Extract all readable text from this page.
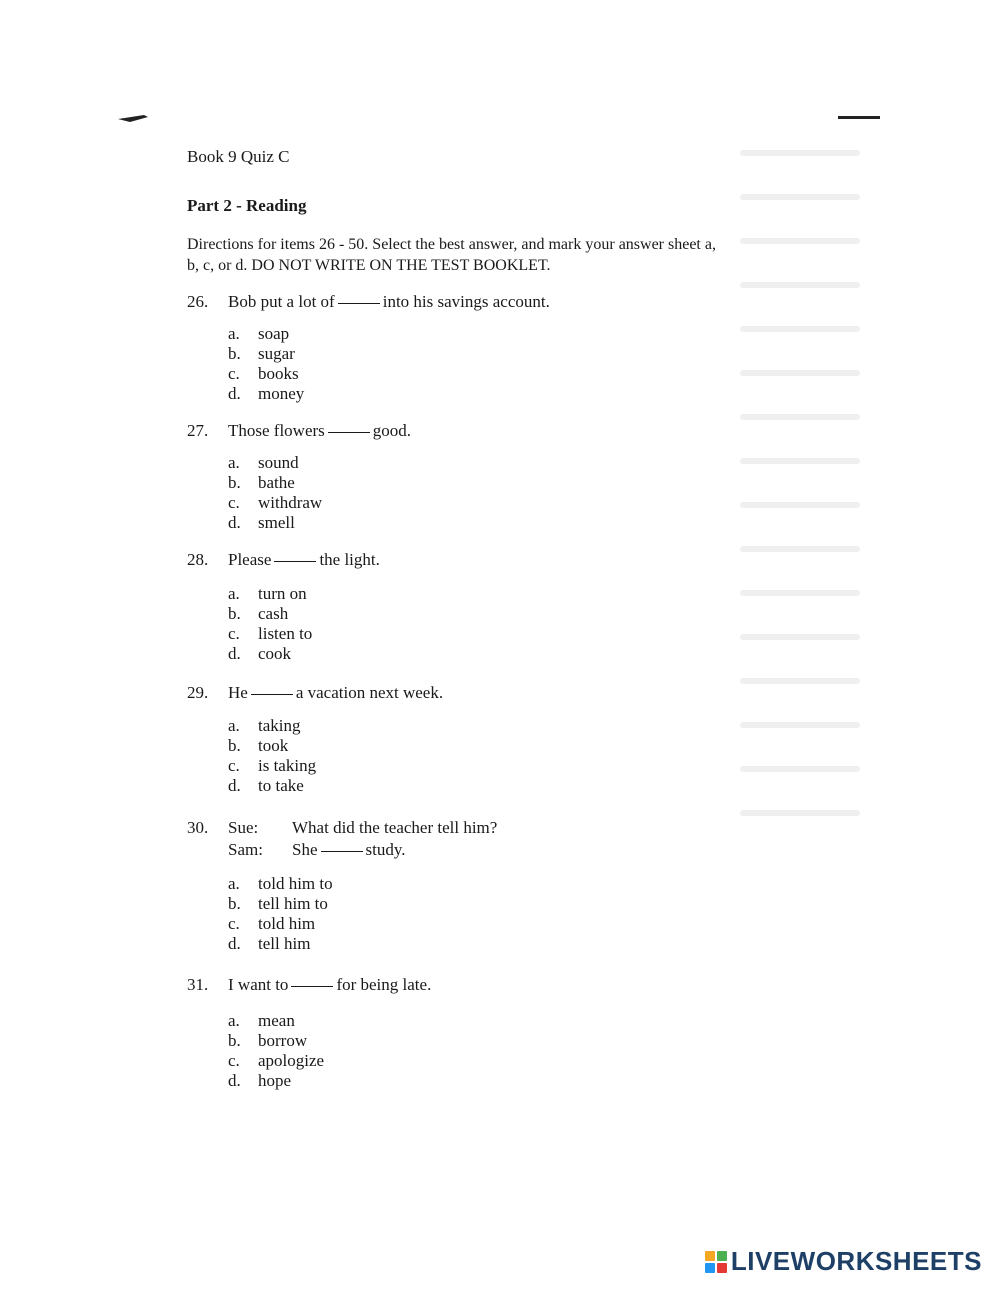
Book 9 Quiz C
Part 2 - Reading
Directions for items 26 - 50. Select the best answer, and mark your answer sheet a,
b, c, or d. DO NOT WRITE ON THE TEST BOOKLET.
26. Bob put a lot of	into his savings account.
a. soap
b. sugar
c. books
d. money
27. Those flowers	good.
a. sound
b. bathe
c. withdraw
d. smell
28. Please	the light.
a. turn on
b. cash
c. listen to
d. cook
29. He	a vacation next week.
a. taking
b. took
c. is taking
d. to take
30. Sue: What did the teacher tell him?
Sam: She	study.
a. told him to
b. tell him to
c. told him
d. tell him
31. I want to	for being late.
a. mean
b. borrow
c. apologize
d. hope
LIVEWORKSHEETS
